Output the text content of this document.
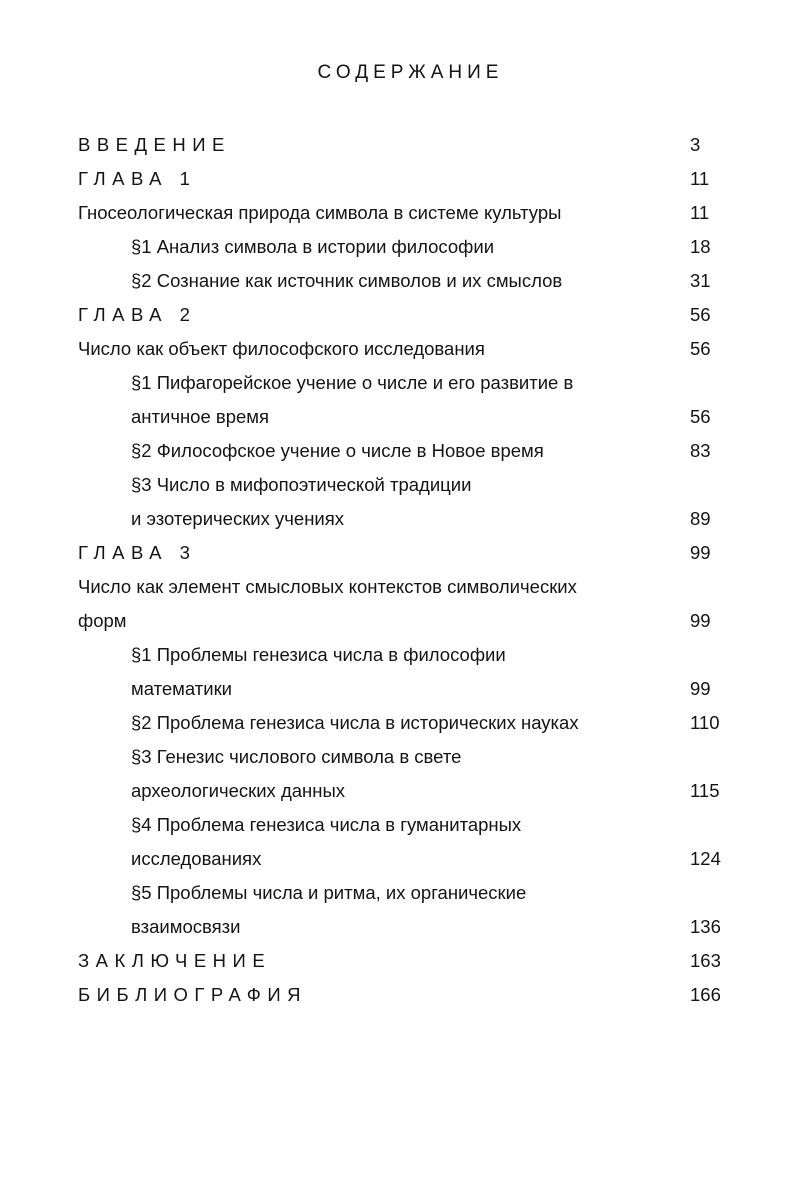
СОДЕРЖАНИЕ
ВВЕДЕНИЕ	3
ГЛАВА 1	11
Гносеологическая природа символа в системе культуры	11
§1 Анализ символа в истории философии	18
§2 Сознание как источник символов и их смыслов	31
ГЛАВА 2	56
Число как объект философского исследования	56
§1 Пифагорейское учение о числе и его развитие в
античное время	56
§2 Философское учение о числе в Новое время	83
§3 Число в мифопоэтической традиции
и эзотерических учениях	89
ГЛАВА 3	99
Число как элемент смысловых контекстов символических
форм	99
§1 Проблемы генезиса числа в философии
математики	99
§2 Проблема генезиса числа в исторических науках	110
§3 Генезис числового символа в свете
археологических данных	115
§4 Проблема генезиса числа в гуманитарных
исследованиях	124
§5 Проблемы числа и ритма, их органические
взаимосвязи	136
ЗАКЛЮЧЕНИЕ	163
БИБЛИОГРАФИЯ	166
